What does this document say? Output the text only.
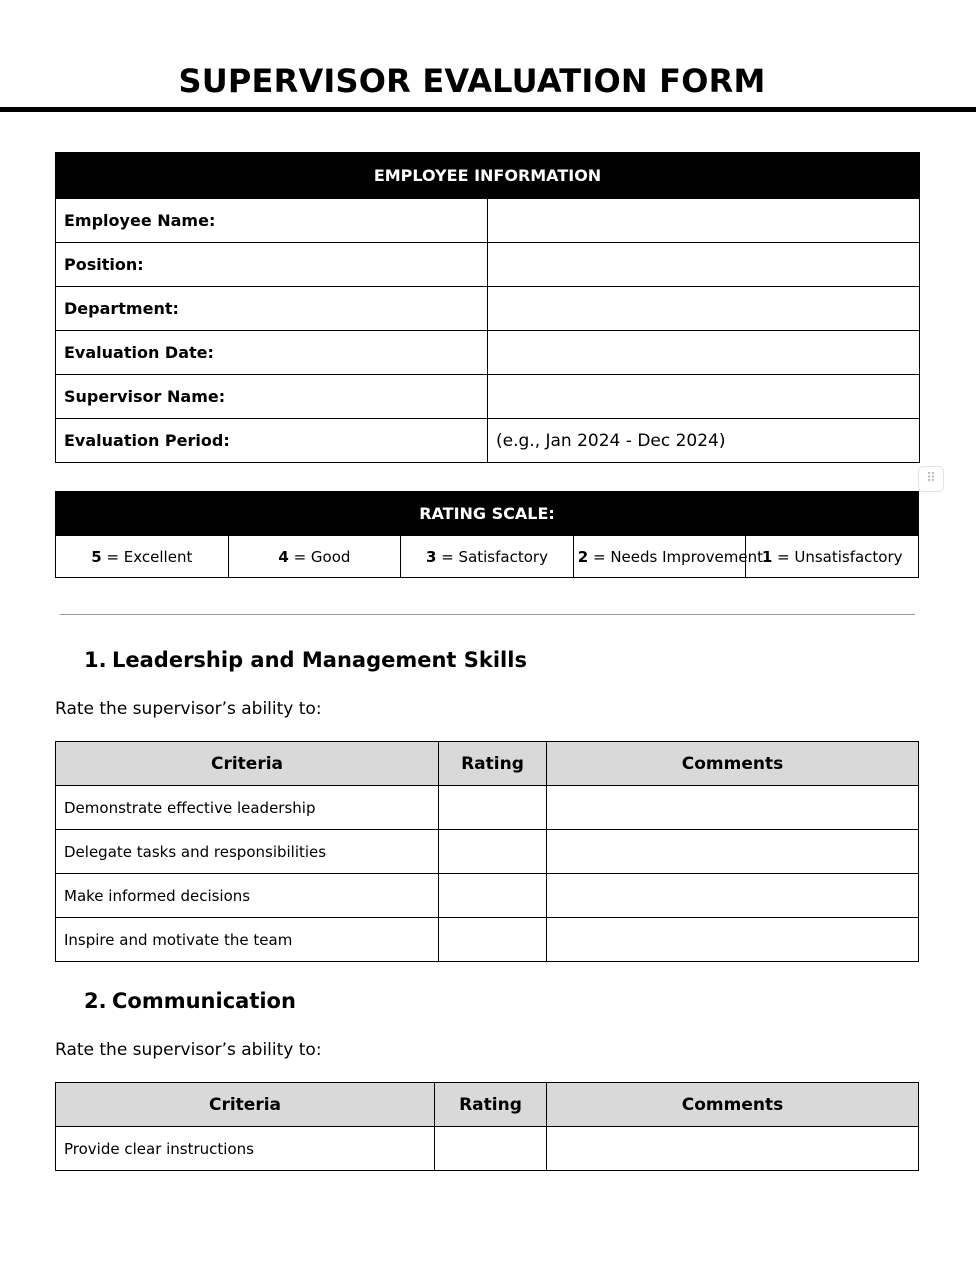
SUPERVISOR EVALUATION FORM
EMPLOYEE INFORMATION	
Employee Name:	
Position:	
Department:	
Evaluation Date:	
Supervisor Name:	
Evaluation Period:	(e.g., Jan 2024 - Dec 2024)
⠿
RATING SCALE:
5 = Excellent	4 = Good	3 = Satisfactory	2 = Needs Improvement	1 = Unsatisfactory
1. Leadership and Management Skills
Rate the supervisor’s ability to:
Criteria	Rating	Comments
Demonstrate effective leadership		
Delegate tasks and responsibilities		
Make informed decisions		
Inspire and motivate the team		
2. Communication
Rate the supervisor’s ability to:
Criteria	Rating	Comments
Provide clear instructions		
